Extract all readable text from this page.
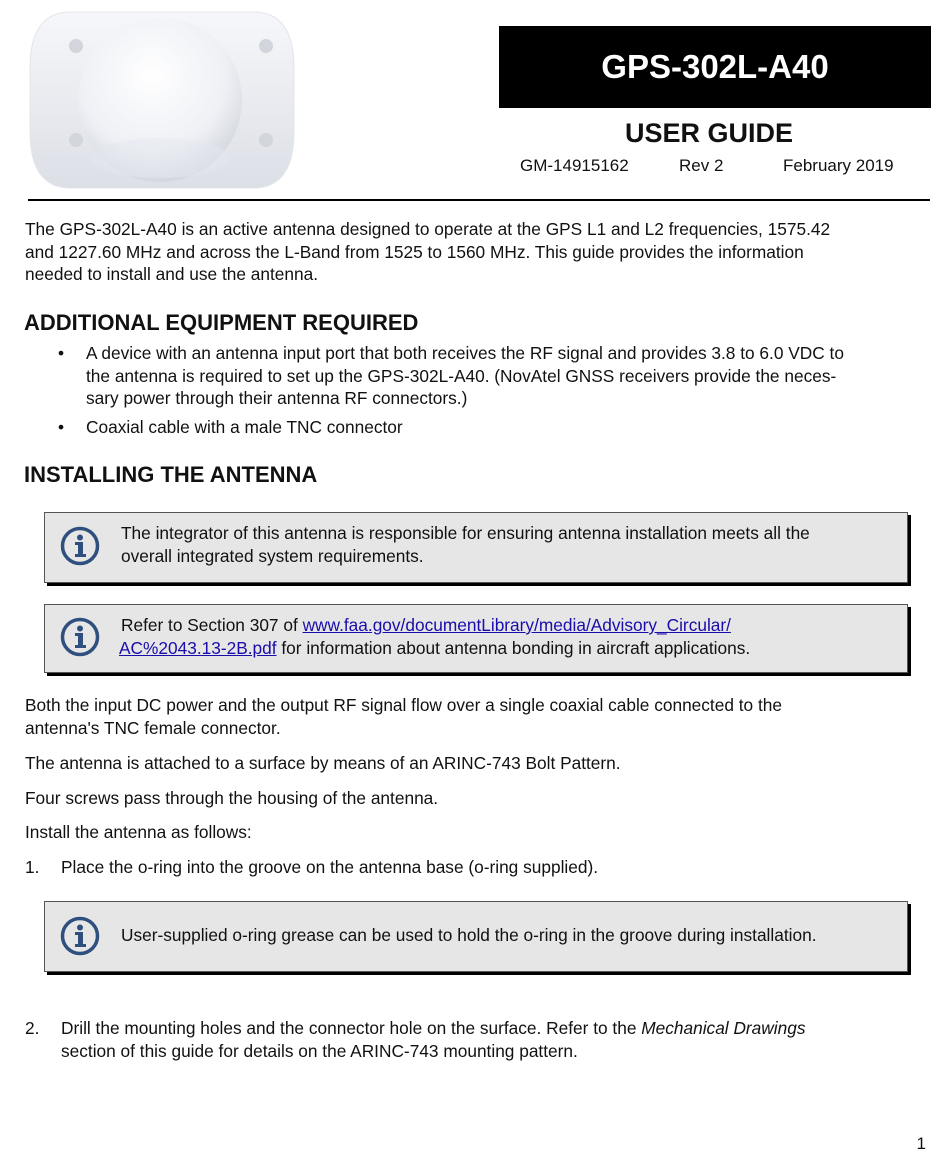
GPS-302L-A40
USER GUIDE
GM-14915162	Rev 2	February 2019
The GPS-302L-A40 is an active antenna designed to operate at the GPS L1 and L2 frequencies, 1575.42
and 1227.60 MHz and across the L-Band from 1525 to 1560 MHz. This guide provides the information
needed to install and use the antenna.
ADDITIONAL EQUIPMENT REQUIRED
• A device with an antenna input port that both receives the RF signal and provides 3.8 to 6.0 VDC to
the antenna is required to set up the GPS-302L-A40. (NovAtel GNSS receivers provide the neces-
sary power through their antenna RF connectors.)
• Coaxial cable with a male TNC connector
INSTALLING THE ANTENNA
The integrator of this antenna is responsible for ensuring antenna installation meets all the
overall integrated system requirements.
Refer to Section 307 of www.faa.gov/documentLibrary/media/Advisory_Circular/
AC%2043.13-2B.pdf for information about antenna bonding in aircraft applications.
Both the input DC power and the output RF signal flow over a single coaxial cable connected to the
antenna's TNC female connector.
The antenna is attached to a surface by means of an ARINC-743 Bolt Pattern.
Four screws pass through the housing of the antenna.
Install the antenna as follows:
1. Place the o-ring into the groove on the antenna base (o-ring supplied).
User-supplied o-ring grease can be used to hold the o-ring in the groove during installation.
2. Drill the mounting holes and the connector hole on the surface. Refer to the Mechanical Drawings
section of this guide for details on the ARINC-743 mounting pattern.
1
